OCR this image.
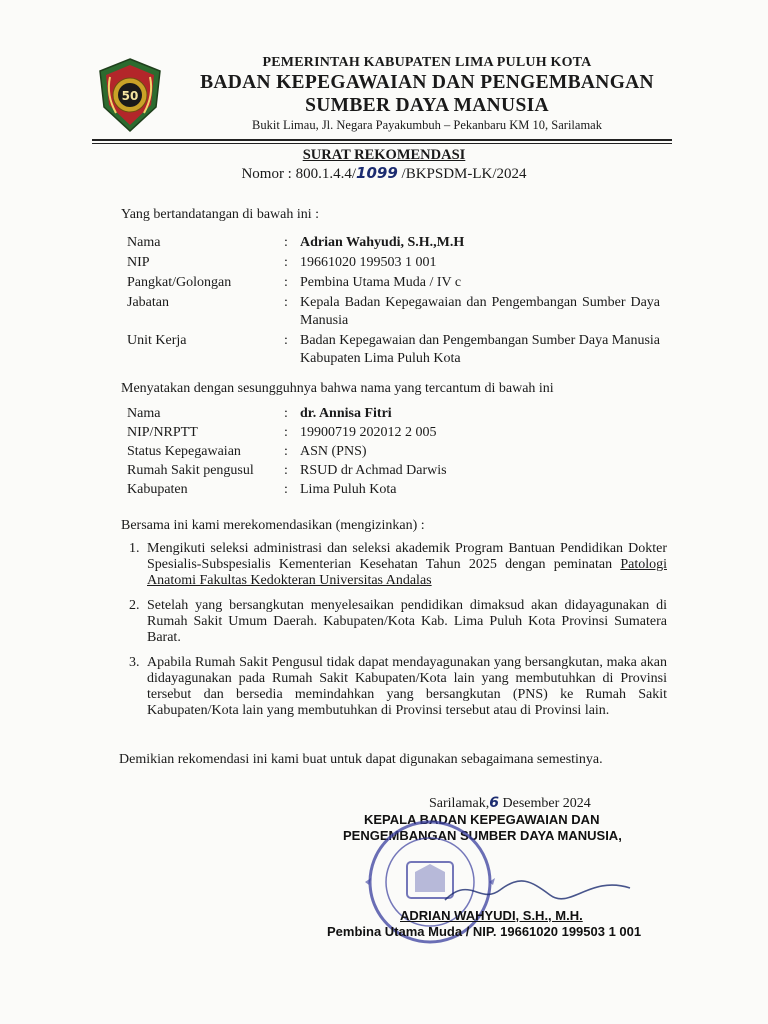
50
PEMERINTAH KABUPATEN LIMA PULUH KOTA
BADAN KEPEGAWAIAN DAN PENGEMBANGAN
SUMBER DAYA MANUSIA
Bukit Limau, Jl. Negara Payakumbuh – Pekanbaru KM 10, Sarilamak
SURAT REKOMENDASI
Nomor : 800.1.4.4/1099 /BKPSDM-LK/2024
Yang bertandatangan di bawah ini :
Nama	: Adrian Wahyudi, S.H.,M.H
NIP	: 19661020 199503 1 001
Pangkat/Golongan	: Pembina Utama Muda / IV c
Jabatan	: Kepala Badan Kepegawaian dan Pengembangan Sumber Daya Manusia
Unit Kerja	: Badan Kepegawaian dan Pengembangan Sumber Daya Manusia Kabupaten Lima Puluh Kota
Menyatakan dengan sesungguhnya bahwa nama yang tercantum di bawah ini
Nama	: dr. Annisa Fitri
NIP/NRPTT	: 19900719 202012 2 005
Status Kepegawaian	: ASN (PNS)
Rumah Sakit pengusul	: RSUD dr Achmad Darwis
Kabupaten	: Lima Puluh Kota
Bersama ini kami merekomendasikan (mengizinkan) :
1. Mengikuti seleksi administrasi dan seleksi akademik Program Bantuan Pendidikan Dokter Spesialis-Subspesialis Kementerian Kesehatan Tahun 2025 dengan peminatan Patologi Anatomi Fakultas Kedokteran Universitas Andalas
2. Setelah yang bersangkutan menyelesaikan pendidikan dimaksud akan didayagunakan di Rumah Sakit Umum Daerah. Kabupaten/Kota Kab. Lima Puluh Kota Provinsi Sumatera Barat.
3. Apabila Rumah Sakit Pengusul tidak dapat mendayagunakan yang bersangkutan, maka akan didayagunakan pada Rumah Sakit Kabupaten/Kota lain yang membutuhkan di Provinsi tersebut dan bersedia memindahkan yang bersangkutan (PNS) ke Rumah Sakit Kabupaten/Kota lain yang membutuhkan di Provinsi tersebut atau di Provinsi lain.
Demikian rekomendasi ini kami buat untuk dapat digunakan sebagaimana semestinya.
Sarilamak,6 Desember 2024
KEPALA BADAN KEPEGAWAIAN DAN
PENGEMBANGAN SUMBER DAYA MANUSIA,
ADRIAN WAHYUDI, S.H., M.H.
Pembina Utama Muda / NIP. 19661020 199503 1 001
